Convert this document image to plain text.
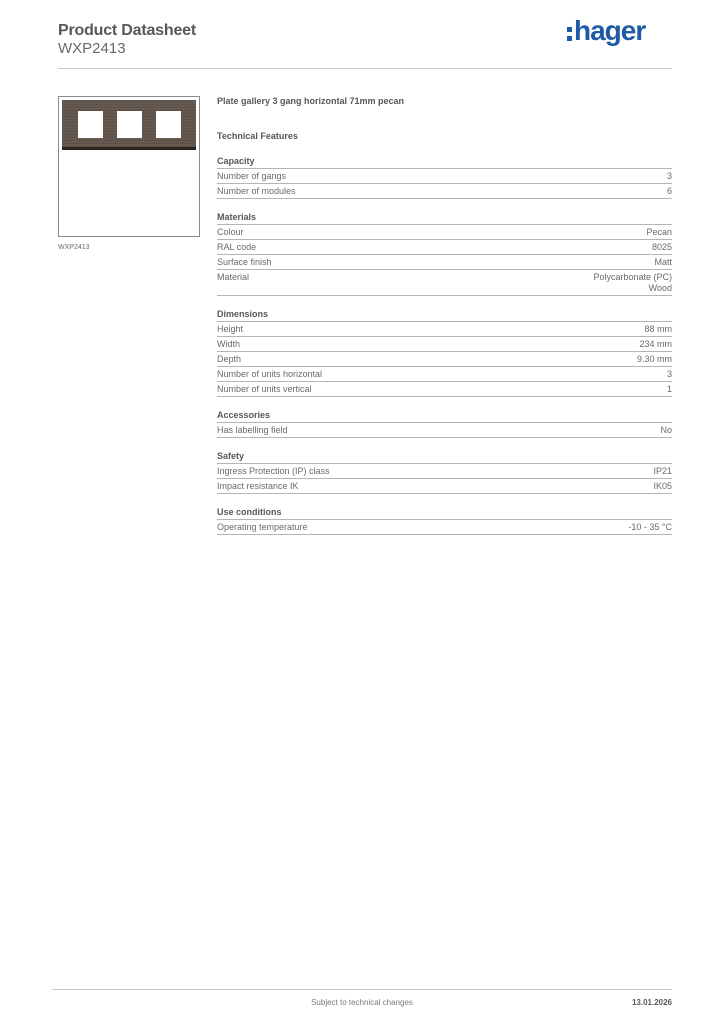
Product Datasheet
WXP2413
hager
WXP2413
Plate gallery 3 gang horizontal 71mm pecan
Technical Features
Capacity
Number of gangs	3
Number of modules	6
Materials
Colour	Pecan
RAL code	8025
Surface finish	Matt
Material	Polycarbonate (PC)
Wood
Dimensions
Height	88 mm
Width	234 mm
Depth	9.30 mm
Number of units horizontal	3
Number of units vertical	1
Accessories
Has labelling field	No
Safety
Ingress Protection (IP) class	IP21
Impact resistance IK	IK05
Use conditions
Operating temperature	-10 - 35 °C
Subject to technical changes	13.01.2026
